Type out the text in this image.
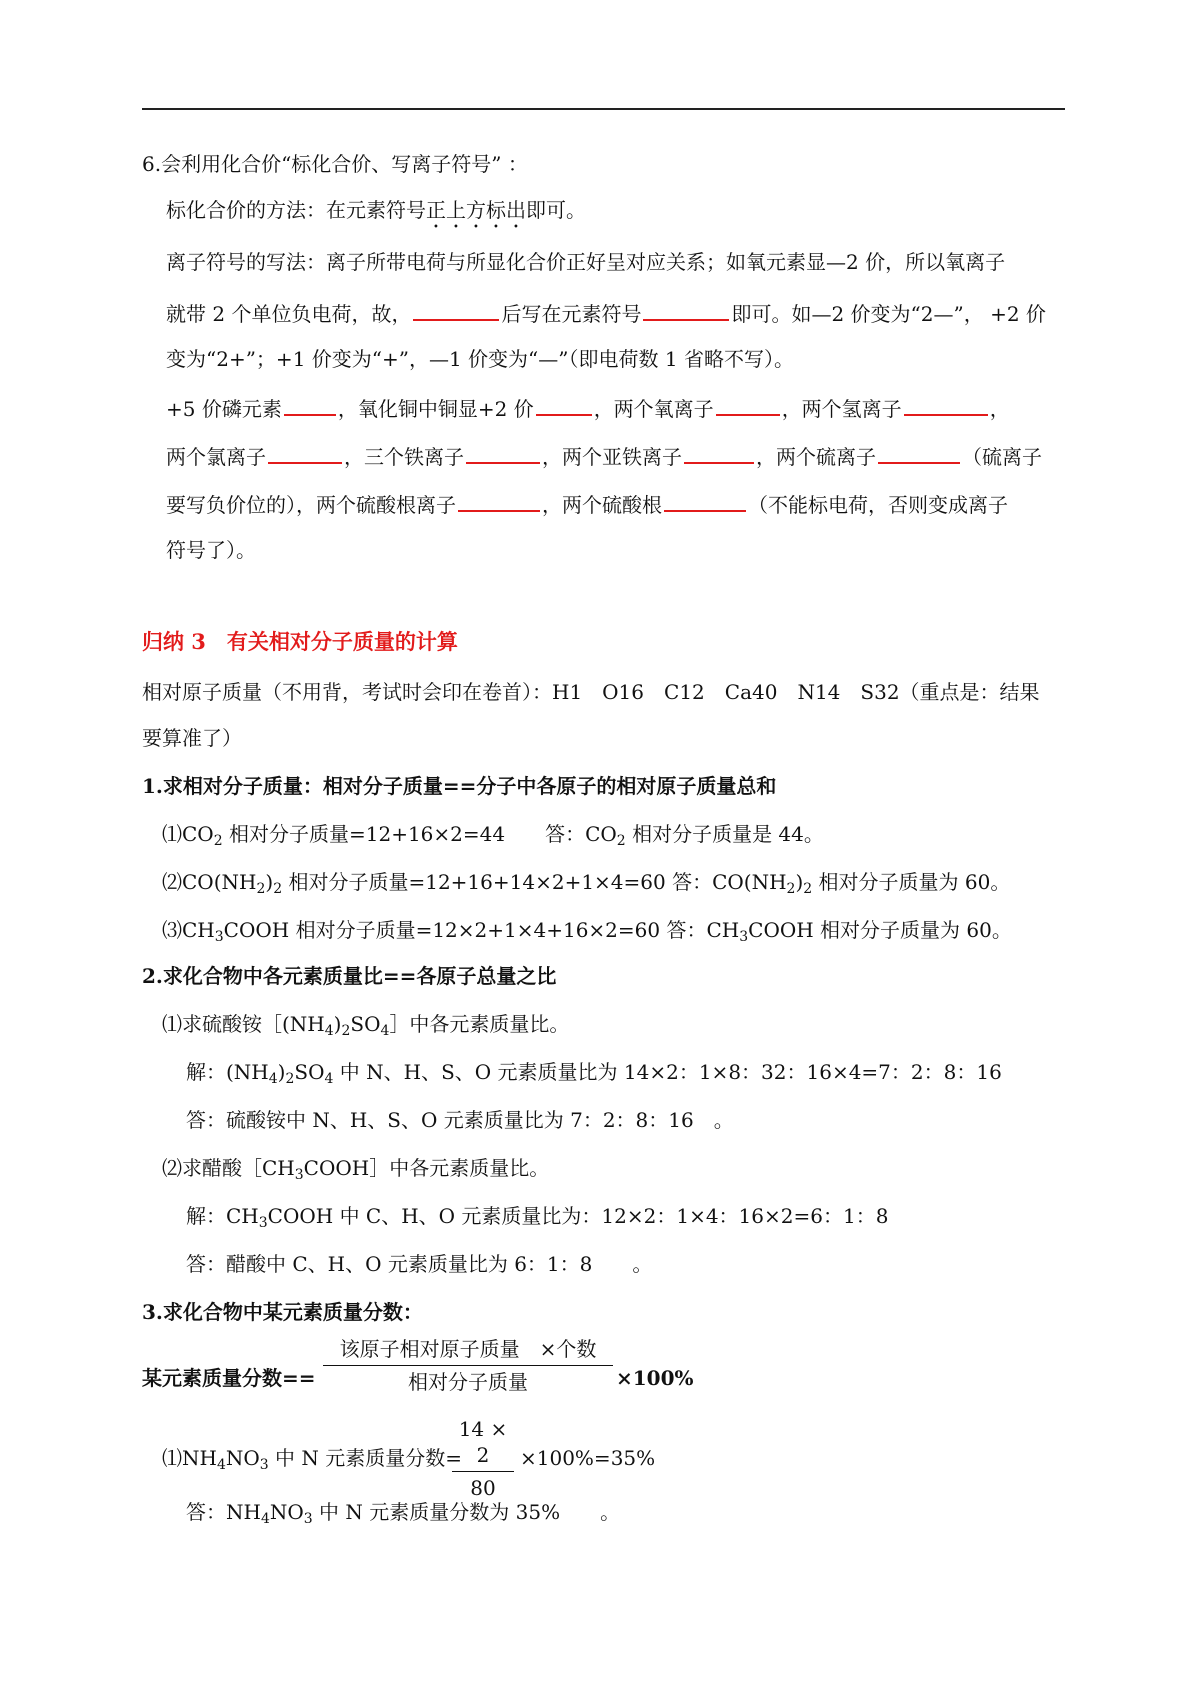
6.会利用化合价“标化合价、写离子符号” ：
标化合价的方法：在元素符号正上方标出即可。
离子符号的写法：离子所带电荷与所显化合价正好呈对应关系；如氧元素显—2 价，所以氧离子
就带 2 个单位负电荷，故，	后写在元素符号	即可。如—2 价变为“2—”， +2 价
变为“2+”；+1 价变为“+”，—1 价变为“—”（即电荷数 1 省略不写）。
+5 价磷元素	，氧化铜中铜显+2 价	，两个氧离子	，两个氢离子	，
两个氯离子	，三个铁离子	，两个亚铁离子	，两个硫离子	（硫离子
要写负价位的），两个硫酸根离子	，两个硫酸根	（不能标电荷，否则变成离子
符号了）。
归纳 3　有关相对分子质量的计算
相对原子质量（不用背，考试时会印在卷首）：H1　O16　C12　Ca40　N14　S32（重点是：结果
要算准了）
1.求相对分子质量：相对分子质量==分子中各原子的相对原子质量总和
$⑴CO_2$ 相对分子质量=12+16×2=44　　答：$CO_2$ 相对分子质量是 44。
$⑵CO(NH_2)_2$ 相对分子质量=12+16+14×2+1×4=60 答：$CO(NH_2)_2$ 相对分子质量为 60。
$⑶CH_3COOH$ 相对分子质量=12×2+1×4+16×2=60 答：$CH_3COOH$ 相对分子质量为 60。
2.求化合物中各元素质量比==各原子总量之比
⑴求硫酸铵$[(NH_4)_2SO_4]$中各元素质量比。
解：$(NH_4)_2SO_4$ 中 N、H、S、O 元素质量比为 14×2：1×8：32：16×4=7：2：8：16
答：硫酸铵中 N、H、S、O 元素质量比为 7：2：8：16　。
⑵求醋酸$[CH_3COOH]$中各元素质量比。
解：$CH_3COOH$ 中 C、H、O 元素质量比为：12×2：1×4：16×2=6：1：8
答：醋酸中 C、H、O 元素质量比为 6：1：8　　。
3.求化合物中某元素质量分数：
某元素质量分数==
该原子相对原子质量　×个数
相对分子质量	×100%
$⑴NH_4NO_3$ 中 N 元素质量分数=
14 × 2
80
×100%=35%
答：$NH_4NO_3$ 中 N 元素质量分数为 35%　　。
